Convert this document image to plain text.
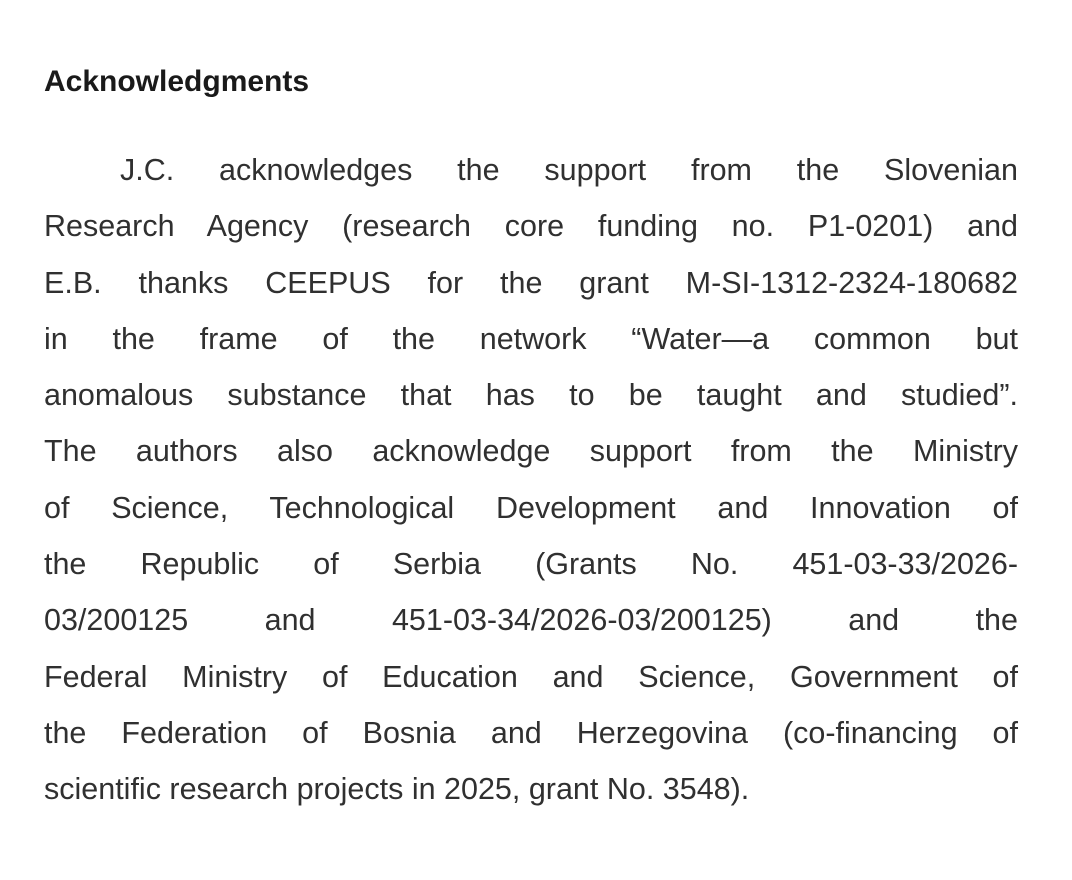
Acknowledgments

J.C. acknowledges the support from the Slovenian
Research Agency (research core funding no. P1-0201) and
E.B. thanks CEEPUS for the grant M-SI-1312-2324-180682
in the frame of the network “Water—a common but
anomalous substance that has to be taught and studied”.
The authors also acknowledge support from the Ministry
of Science, Technological Development and Innovation of
the Republic of Serbia (Grants No. 451-03-33/2026-
03/200125 and 451-03-34/2026-03/200125) and the
Federal Ministry of Education and Science, Government of
the Federation of Bosnia and Herzegovina (co-financing of
scientific research projects in 2025, grant No. 3548).
